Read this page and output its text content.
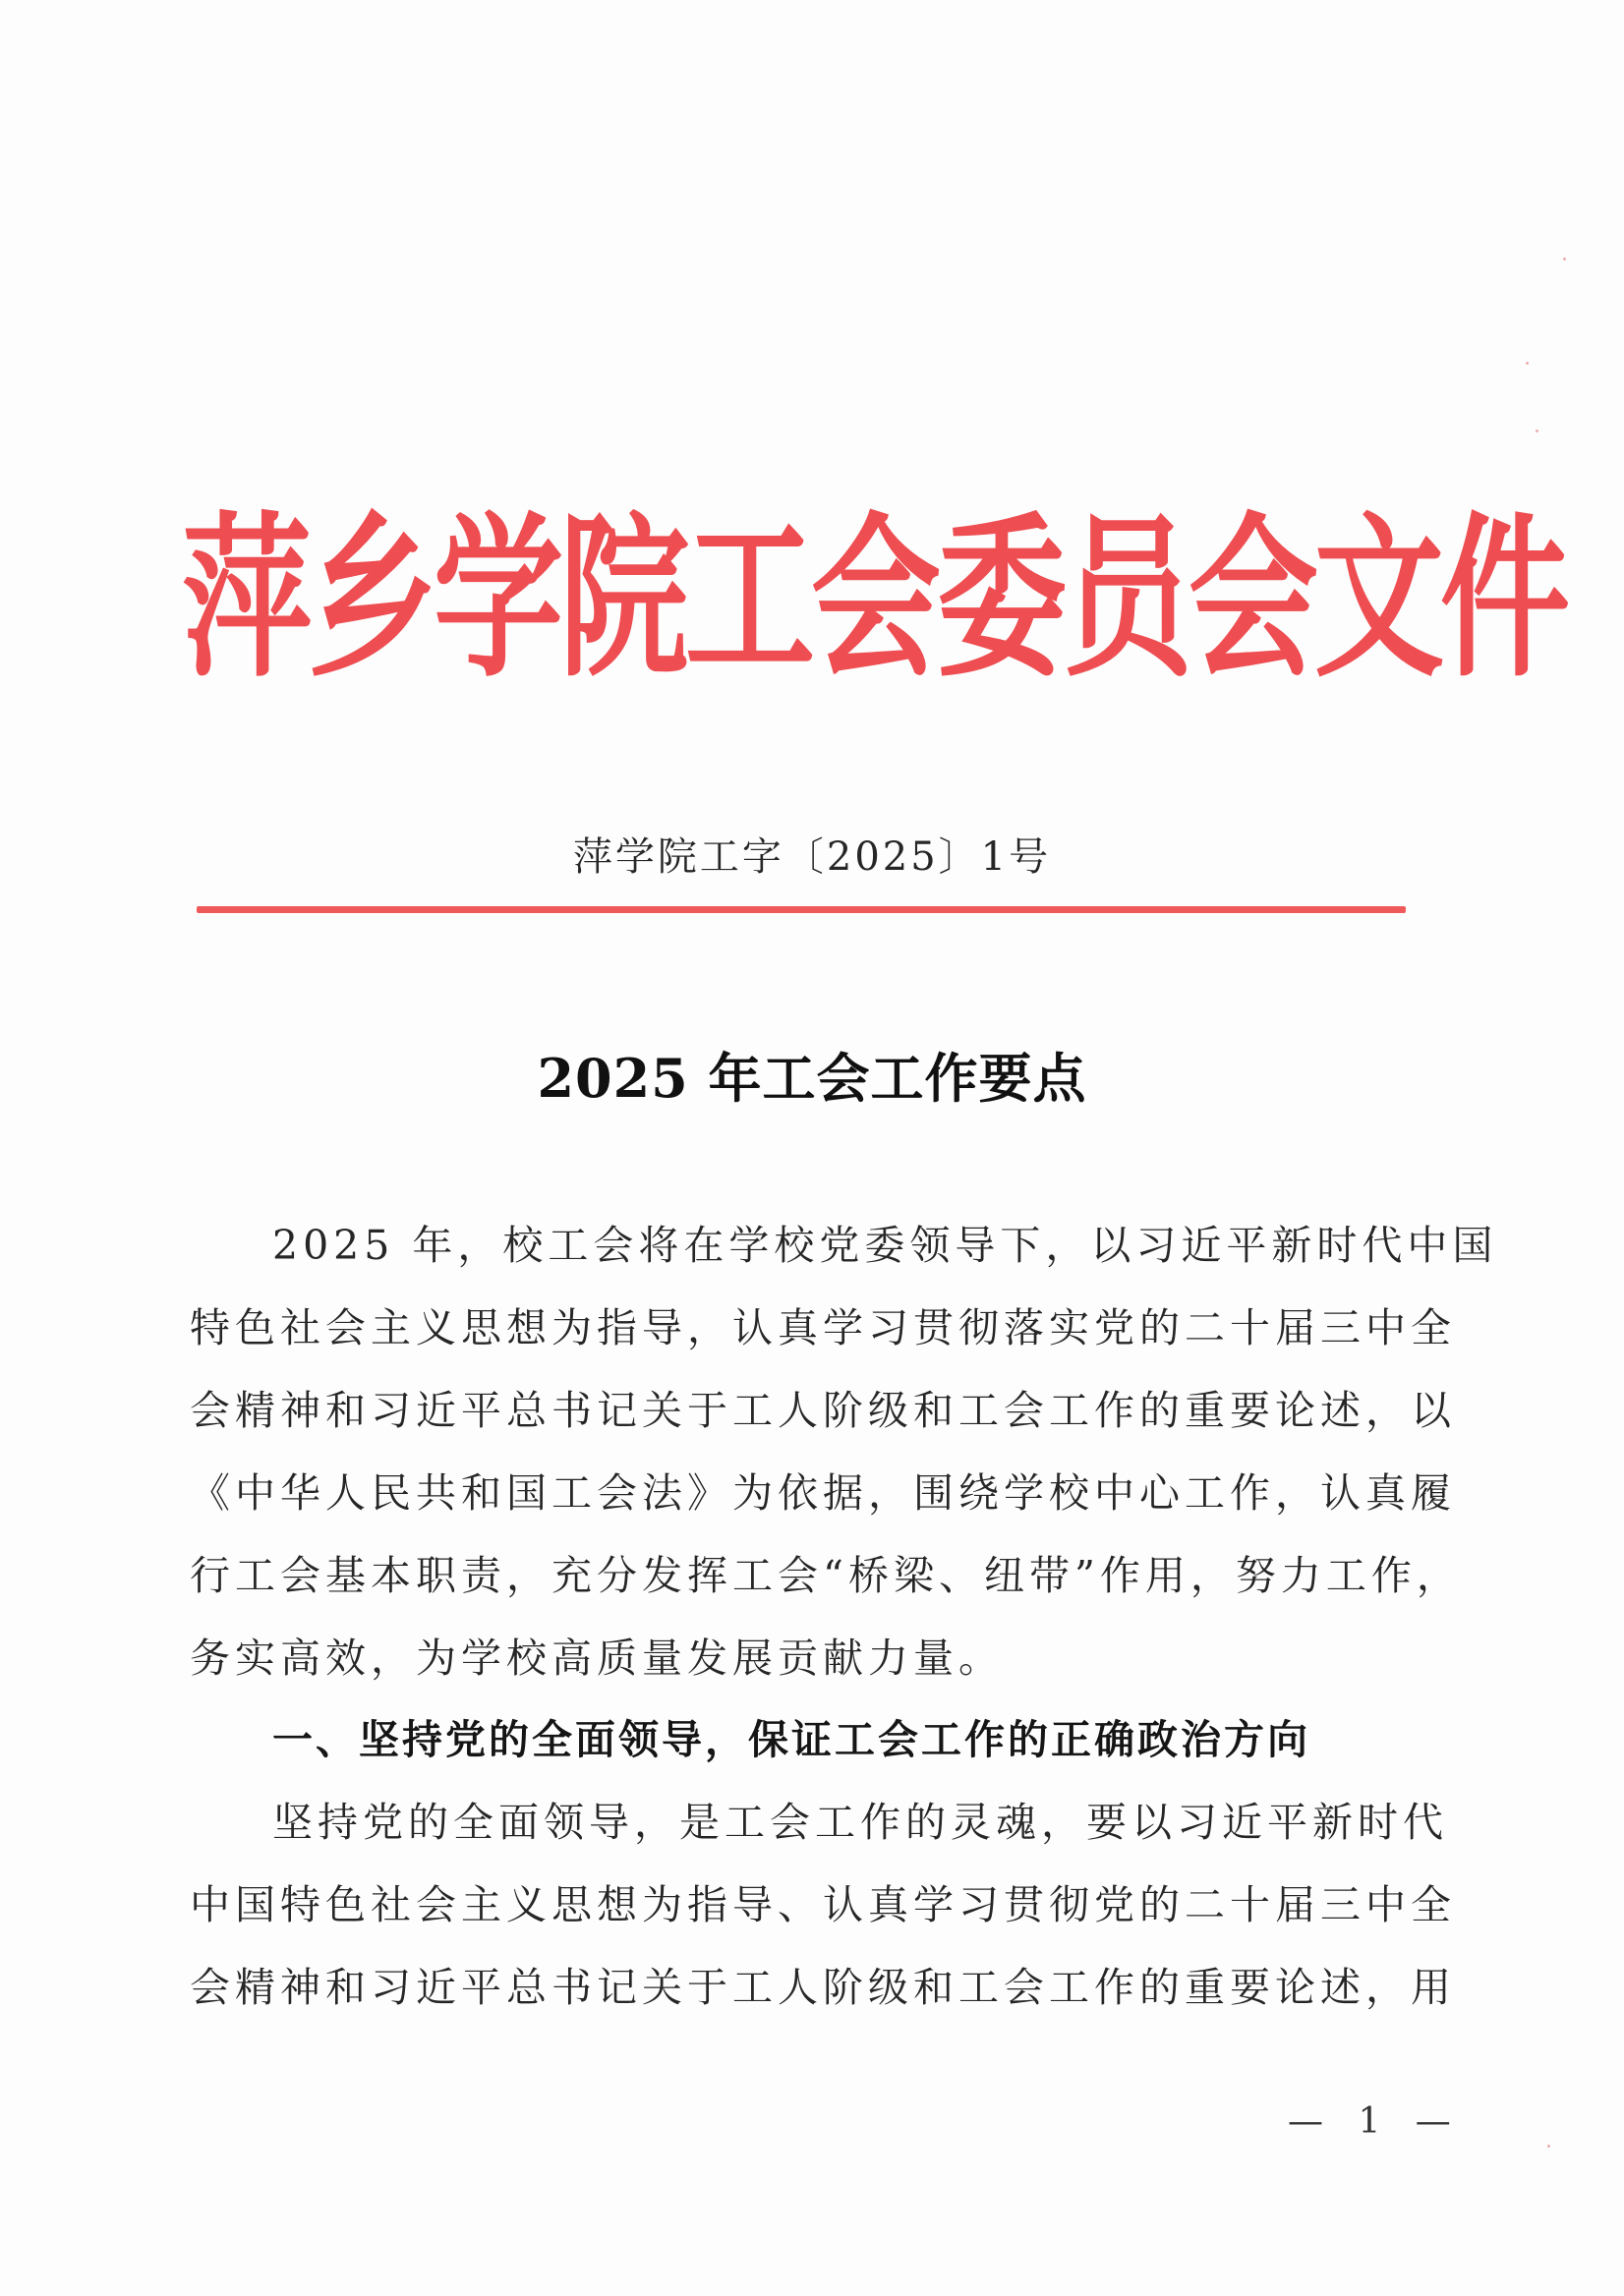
萍乡学院工会委员会文件
萍学院工字〔2025〕1号
2025 年工会工作要点
2025 年，校工会将在学校党委领导下，以习近平新时代中国
特色社会主义思想为指导，认真学习贯彻落实党的二十届三中全
会精神和习近平总书记关于工人阶级和工会工作的重要论述，以
《中华人民共和国工会法》为依据，围绕学校中心工作，认真履
行工会基本职责，充分发挥工会“桥梁、纽带”作用，努力工作，
务实高效，为学校高质量发展贡献力量。
一、坚持党的全面领导，保证工会工作的正确政治方向
坚持党的全面领导，是工会工作的灵魂，要以习近平新时代
中国特色社会主义思想为指导、认真学习贯彻党的二十届三中全
会精神和习近平总书记关于工人阶级和工会工作的重要论述，用
— 1 —
